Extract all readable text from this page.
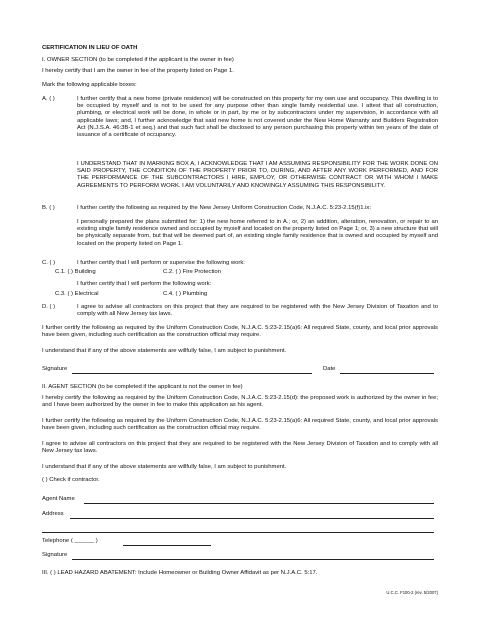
CERTIFICATION IN LIEU OF OATH
I. OWNER SECTION (to be completed if the applicant is the owner in fee)
I hereby certify that I am the owner in fee of the property listed on Page 1.
Mark the following applicable boxes:
A. ( )	I further certify that a new home (private residence) will be constructed on this property for my own use and occupancy. This dwelling is to be occupied by myself and is not to be used for any purpose other than single family residential use. I attest that all construction, plumbing, or electrical work will be done, in whole or in part, by me or by subcontractors under my supervision, in accordance with all applicable laws; and, I further acknowledge that said new home is not covered under the New Home Warranty and Builders Registration Act (N.J.S.A. 46:3B-1 et seq.) and that such fact shall be disclosed to any person purchasing this property within ten years of the date of issuance of a certificate of occupancy.
I UNDERSTAND THAT IN MARKING BOX A, I ACKNOWLEDGE THAT I AM ASSUMING RESPONSIBILITY FOR THE WORK DONE ON SAID PROPERTY, THE CONDITION OF THE PROPERTY PRIOR TO, DURING, AND AFTER ANY WORK PERFORMED, AND FOR THE PERFORMANCE OF THE SUBCONTRACTORS I HIRE, EMPLOY, OR OTHERWISE CONTRACT OR WITH WHOM I MAKE AGREEMENTS TO PERFORM WORK. I AM VOLUNTARILY AND KNOWINGLY ASSUMING THIS RESPONSIBILITY.
B. ( )	I further certify the following as required by the New Jersey Uniform Construction Code, N.J.A.C. 5:23-2.15(f)1.ix:
I personally prepared the plans submitted for: 1) the new home referred to in A.; or, 2) an addition, alteration, renovation, or repair to an existing single family residence owned and occupied by myself and located on the property listed on Page 1; or, 3) a new structure that will be physically separate from, but that will be deemed part of, an existing single family residence that is owned and occupied by myself and located on the property listed on Page 1.
C. ( )	I further certify that I will perform or supervise the following work:
C.1. ( ) Building	C.2. ( ) Fire Protection
I further certify that I will perform the following work:
C.3. ( ) Electrical	C.4. ( ) Plumbing
D. ( )	I agree to advise all contractors on this project that they are required to be registered with the New Jersey Division of Taxation and to comply with all New Jersey tax laws.
I further certify the following as required by the Uniform Construction Code, N.J.A.C. 5:23-2.15(a)6: All required State, county, and local prior approvals have been given, including such certification as the construction official may require.
I understand that if any of the above statements are willfully false, I am subject to punishment.
Signature	Date
II. AGENT SECTION (to be completed if the applicant is not the owner in fee)
I hereby certify the following as required by the Uniform Construction Code, N.J.A.C. 5:23-2.15(d): the proposed work is authorized by the owner in fee; and I have been authorized by the owner in fee to make this application as his agent.
I further certify the following as required by the Uniform Construction Code, N.J.A.C. 5:23-2.15(a)6: All required State, county, and local prior approvals have been given, including such certification as the construction official may require.
I agree to advise all contractors on this project that they are required to be registered with the New Jersey Division of Taxation and to comply with all New Jersey tax laws.
I understand that if any of the above statements are willfully false, I am subject to punishment.
( ) Check if contractor.
Agent Name
Address
Telephone ( ______ )
Signature
III. ( ) LEAD HAZARD ABATEMENT: Include Homeowner or Building Owner Affidavit as per N.J.A.C. 5:17.
U.C.C. F100-2 (rev. 5/2007)
